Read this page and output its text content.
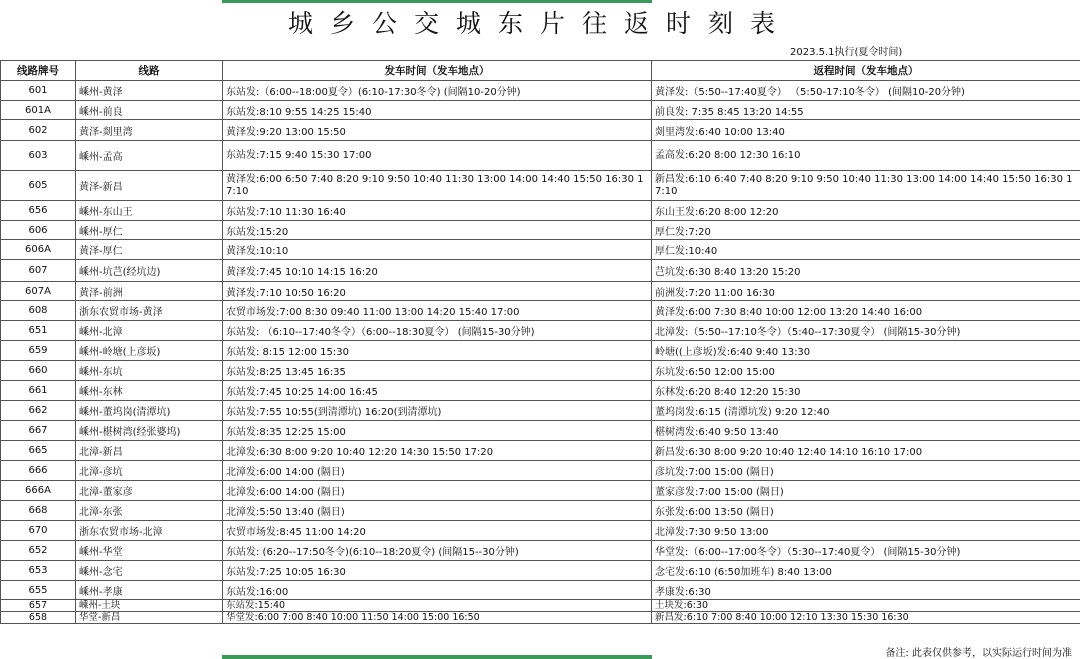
城乡公交城东片往返时刻表
2023.5.1执行(夏令时间)
线路牌号	线路	发车时间（发车地点）	返程时间（发车地点）
601	嵊州-黄泽	东站发:（6:00--18:00夏令）(6:10-17:30冬令) (间隔10-20分钟)	黄泽发:（5:50--17:40夏令） （5:50-17:10冬令） (间隔10-20分钟)
601A	嵊州-前良	东站发:8:10 9:55 14:25 15:40	前良发: 7:35 8:45 13:20 14:55
602	黄泽-剡里湾	黄泽发:9:20 13:00 15:50	剡里湾发:6:40 10:00 13:40
603	嵊州-孟高	东站发:7:15 9:40 15:30 17:00	孟高发:6:20 8:00 12:30 16:10
605	黄泽-新昌	黄泽发:6:00 6:50 7:40 8:20 9:10 9:50 10:40 11:30 13:00 14:00 14:40 15:50 16:30 17:10	新昌发:6:10 6:40 7:40 8:20 9:10 9:50 10:40 11:30 13:00 14:00 14:40 15:50 16:30 17:10
656	嵊州-东山王	东站发:7:10 11:30 16:40	东山王发:6:20 8:00 12:20
606	嵊州-厚仁	东站发:15:20	厚仁发:7:20
606A	黄泽-厚仁	黄泽发:10:10	厚仁发:10:40
607	嵊州-坑芑(经坑边)	黄泽发:7:45 10:10 14:15 16:20	芑坑发:6:30 8:40 13:20 15:20
607A	黄泽-前洲	黄泽发:7:10 10:50 16:20	前洲发:7:20 11:00 16:30
608	浙东农贸市场-黄泽	农贸市场发:7:00 8:30 09:40 11:00 13:00 14:20 15:40 17:00	黄泽发:6:00 7:30 8:40 10:00 12:00 13:20 14:40 16:00
651	嵊州-北漳	东站发: （6:10--17:40冬令）（6:00--18:30夏令） (间隔15-30分钟)	北漳发:（5:50--17:10冬令）（5:40--17:30夏令） (间隔15-30分钟)
659	嵊州-岭塘(上彦坂)	东站发: 8:15 12:00 15:30	岭塘((上彦坂)发:6:40 9:40 13:30
660	嵊州-东坑	东站发:8:25 13:45 16:35	东坑发:6:50 12:00 15:00
661	嵊州-东林	东站发:7:45 10:25 14:00 16:45	东林发:6:20 8:40 12:20 15:30
662	嵊州-董坞岗(清潭坑)	东站发:7:55 10:55(到清潭坑) 16:20(到清潭坑)	董坞岗发:6:15 (清潭坑发) 9:20 12:40
667	嵊州-椹树湾(经张婆坞)	东站发:8:35 12:25 15:00	椹树湾发:6:40 9:50 13:40
665	北漳-新昌	北漳发:6:30 8:00 9:20 10:40 12:20 14:30 15:50 17:20	新昌发:6:30 8:00 9:20 10:40 12:40 14:10 16:10 17:00
666	北漳-彦坑	北漳发:6:00 14:00 (隔日)	彦坑发:7:00 15:00 (隔日)
666A	北漳-董家彦	北漳发:6:00 14:00 (隔日)	董家彦发:7:00 15:00 (隔日)
668	北漳-东张	北漳发:5:50 13:40 (隔日)	东张发:6:00 13:50 (隔日)
670	浙东农贸市场-北漳	农贸市场发:8:45 11:00 14:20	北漳发:7:30 9:50 13:00
652	嵊州-华堂	东站发: (6:20--17:50冬令)(6:10--18:20夏令) (间隔15--30分钟)	华堂发:（6:00--17:00冬令）（5:30--17:40夏令） (间隔15-30分钟)
653	嵊州-念宅	东站发:7:25 10:05 16:30	念宅发:6:10 (6:50加班车) 8:40 13:00
655	嵊州-孝康	东站发:16:00	孝康发:6:30
657	嵊州-土块	东站发:15:40	土块发:6:30
658	华堂-新昌	华堂发:6:00 7:00 8:40 10:00 11:50 14:00 15:00 16:50	新昌发:6:10 7:00 8:40 10:00 12:10 13:30 15:30 16:30
备注: 此表仅供参考，以实际运行时间为准
